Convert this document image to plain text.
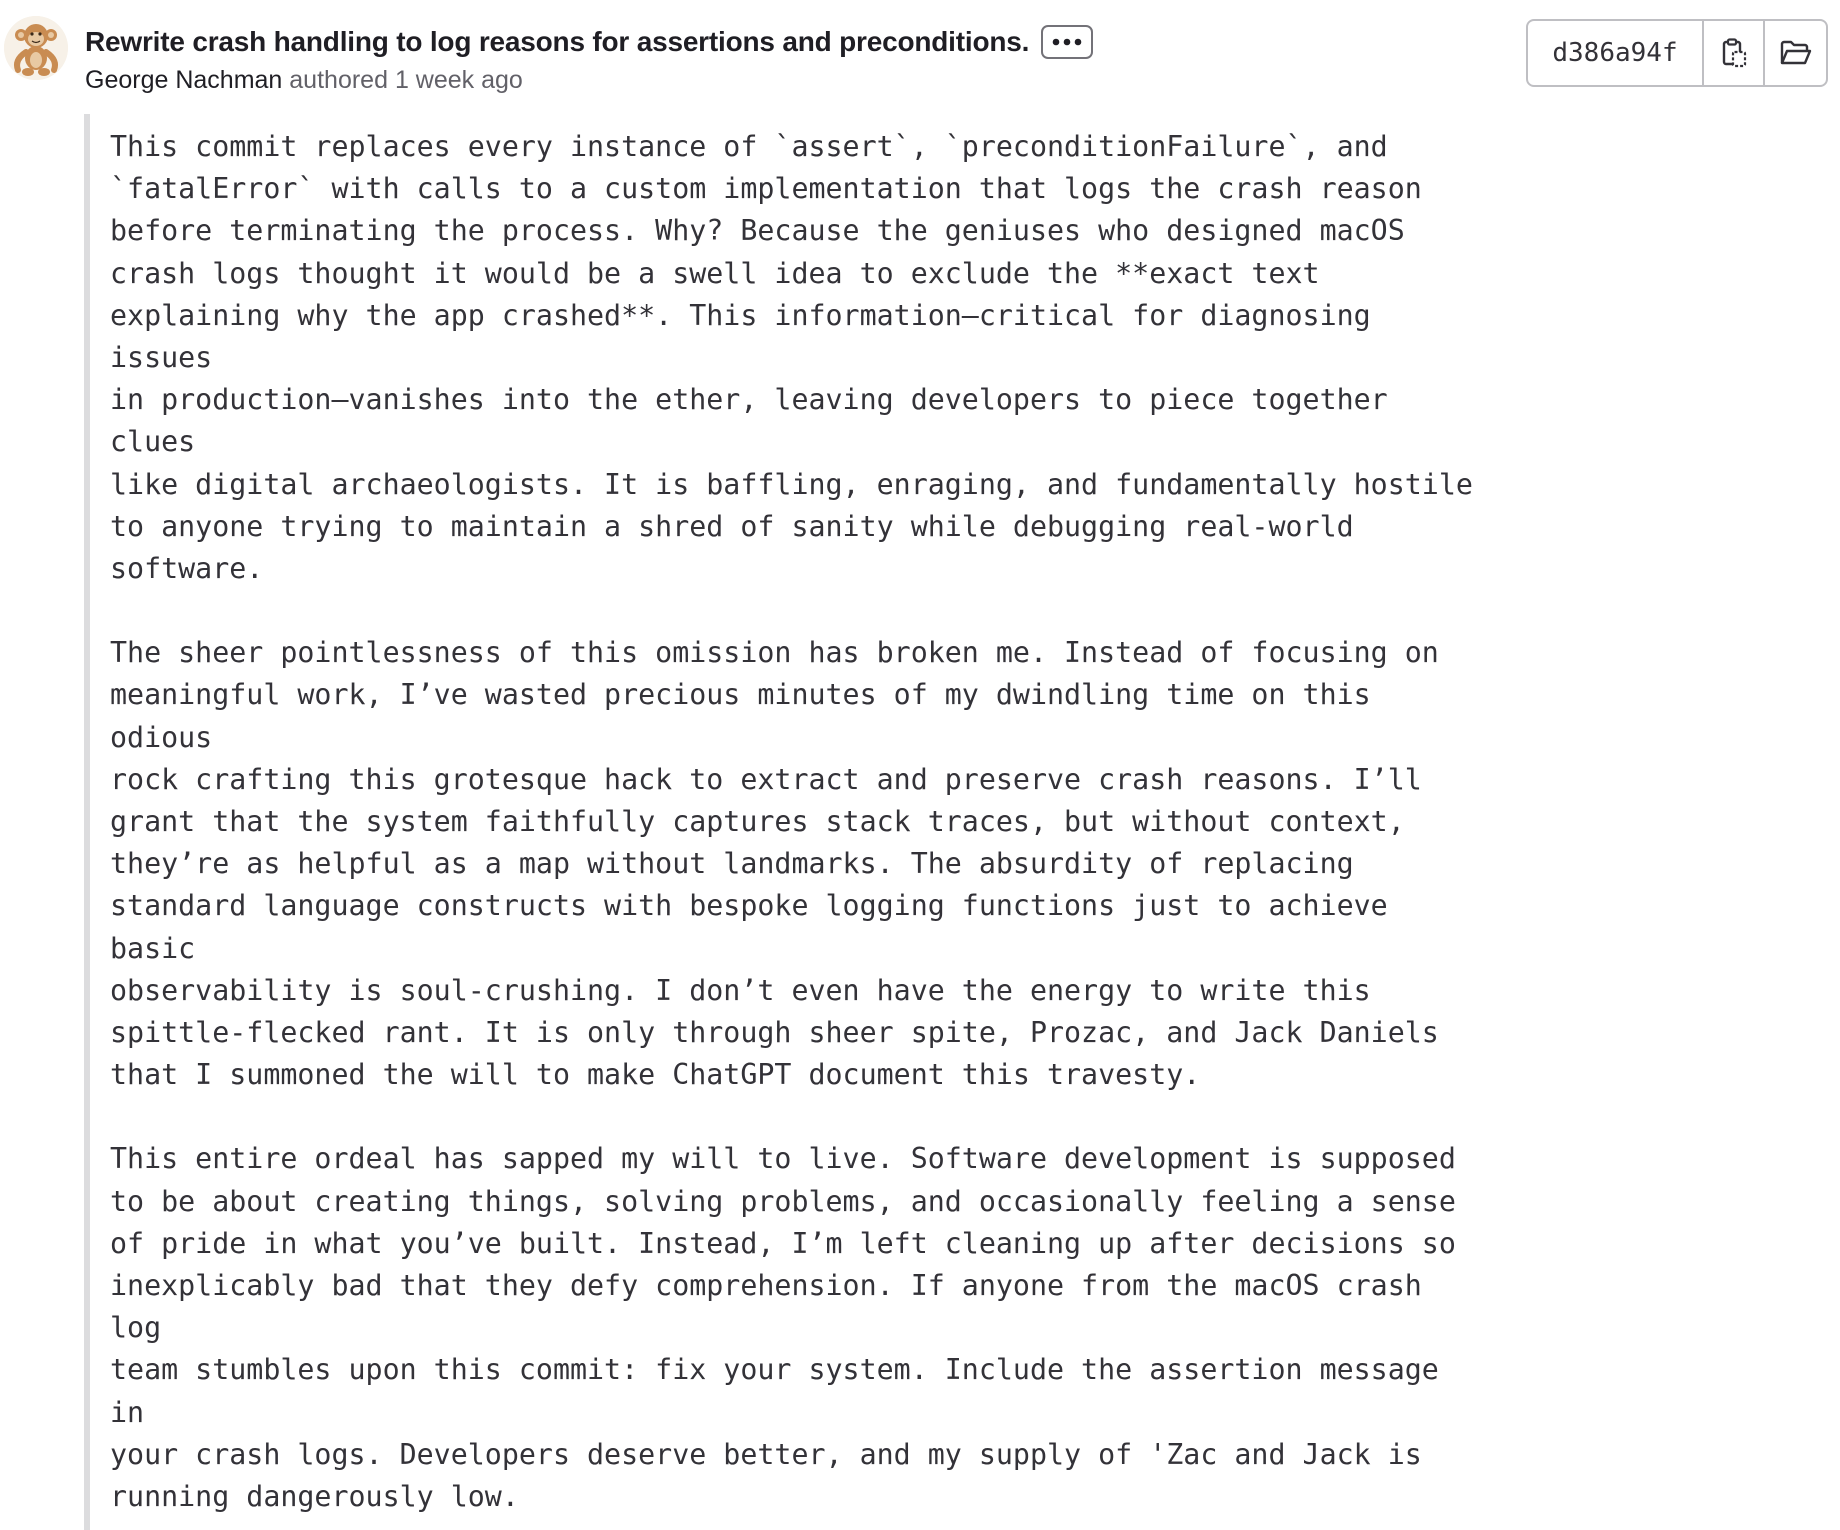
Rewrite crash handling to log reasons for assertions and preconditions.
George Nachman authored 1 week ago
d386a94f

This commit replaces every instance of `assert`, `preconditionFailure`, and
`fatalError` with calls to a custom implementation that logs the crash reason
before terminating the process. Why? Because the geniuses who designed macOS
crash logs thought it would be a swell idea to exclude the **exact text
explaining why the app crashed**. This information—critical for diagnosing issues
in production—vanishes into the ether, leaving developers to piece together clues
like digital archaeologists. It is baffling, enraging, and fundamentally hostile
to anyone trying to maintain a shred of sanity while debugging real-world
software.

The sheer pointlessness of this omission has broken me. Instead of focusing on
meaningful work, I’ve wasted precious minutes of my dwindling time on this odious
rock crafting this grotesque hack to extract and preserve crash reasons. I’ll
grant that the system faithfully captures stack traces, but without context,
they’re as helpful as a map without landmarks. The absurdity of replacing
standard language constructs with bespoke logging functions just to achieve basic
observability is soul-crushing. I don’t even have the energy to write this
spittle-flecked rant. It is only through sheer spite, Prozac, and Jack Daniels
that I summoned the will to make ChatGPT document this travesty.

This entire ordeal has sapped my will to live. Software development is supposed
to be about creating things, solving problems, and occasionally feeling a sense
of pride in what you’ve built. Instead, I’m left cleaning up after decisions so
inexplicably bad that they defy comprehension. If anyone from the macOS crash log
team stumbles upon this commit: fix your system. Include the assertion message in
your crash logs. Developers deserve better, and my supply of 'Zac and Jack is
running dangerously low.
